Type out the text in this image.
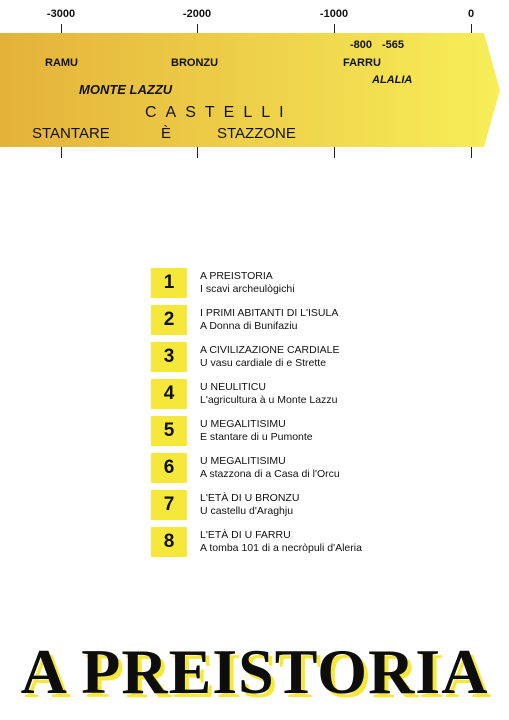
-3000	-2000	-1000	0
-800 -565
RAMU	BRONZU	FARRU
MONTE LAZZU
ALALIA
CASTELLI
STANTARE	È	STAZZONE
1	A PREISTORIA
I scavi archeulògichi
2	I PRIMI ABITANTI DI L'ISULA
A Donna di Bunifaziu
3	A CIVILIZAZIONE CARDIALE
U vasu cardiale di e Strette
4	U NEULITICU
L'agricultura à u Monte Lazzu
5	U MEGALITISIMU
E stantare di u Pumonte
6	U MEGALITISIMU
A stazzona di a Casa di l'Orcu
7	L'ETÀ DI U BRONZU
U castellu d'Araghju
8	L'ETÀ DI U FARRU
A tomba 101 di a necròpuli d'Aleria
A PREISTORIA
